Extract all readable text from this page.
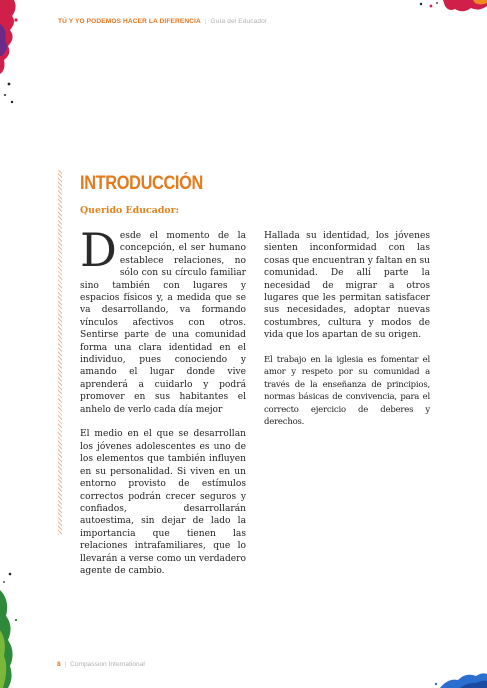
TÚ Y YO PODEMOS HACER LA DIFERENCIA | Guía del Educador
INTRODUCCIÓN
Querido Educador:

Desde el momento de la concepción, el ser humano establece relaciones, no sólo con su círculo familiar sino también con lugares y espacios físicos y, a medida que se va desarrollando, va formando vínculos afectivos con otros. Sentirse parte de una comunidad forma una clara identidad en el individuo, pues conociendo y amando el lugar donde vive aprenderá a cuidarlo y podrá promover en sus habitantes el anhelo de verlo cada día mejor

El medio en el que se desarrollan los jóvenes adolescentes es uno de los elementos que también influyen en su personalidad. Si viven en un entorno provisto de estímulos correctos podrán crecer seguros y confiados, desarrollarán autoestima, sin dejar de lado la importancia que tienen las relaciones intrafamiliares, que lo llevarán a verse como un verdadero agente de cambio.

Hallada su identidad, los jóvenes sienten inconformidad con las cosas que encuentran y faltan en su comunidad. De allí parte la necesidad de migrar a otros lugares que les permitan satisfacer sus necesidades, adoptar nuevas costumbres, cultura y modos de vida que los apartan de su origen.

El trabajo en la iglesia es fomentar el amor y respeto por su comunidad a través de la enseñanza de principios, normas básicas de convivencia, para el correcto ejercicio de deberes y derechos.

8 | Compassion International
